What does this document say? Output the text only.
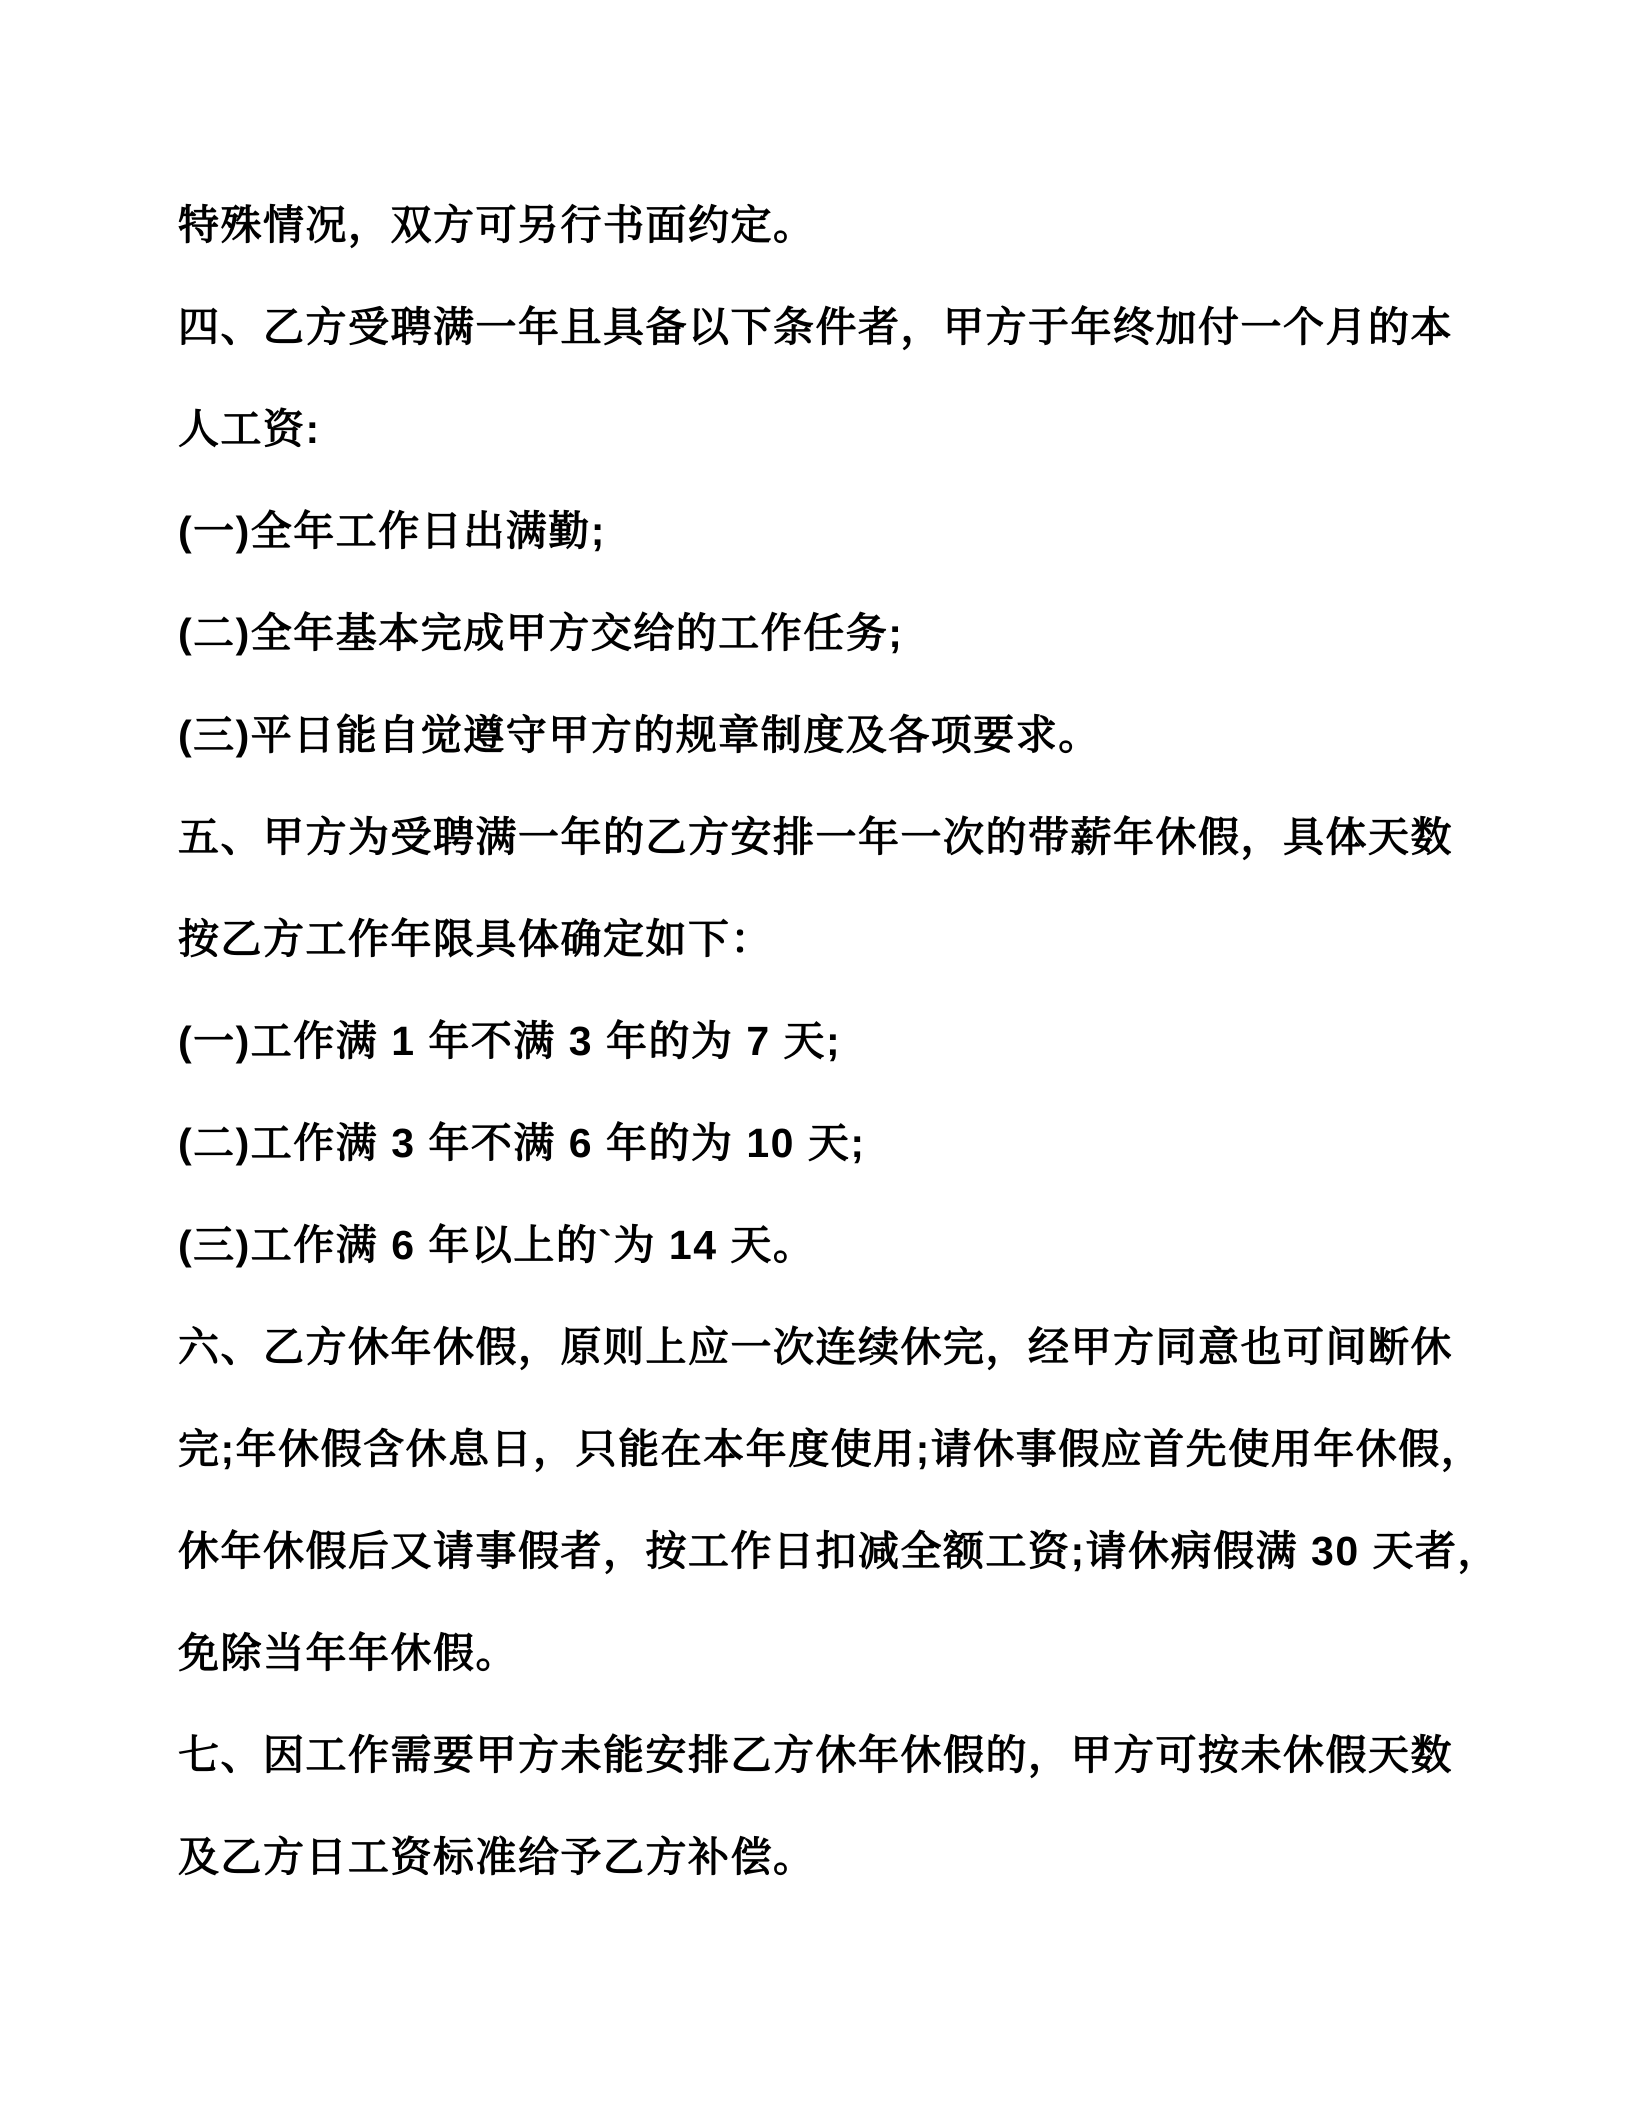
特殊情况，双方可另行书面约定。

四、乙方受聘满一年且具备以下条件者，甲方于年终加付一个月的本

人工资:

(一)全年工作日出满勤;

(二)全年基本完成甲方交给的工作任务;

(三)平日能自觉遵守甲方的规章制度及各项要求。

五、甲方为受聘满一年的乙方安排一年一次的带薪年休假，具体天数

按乙方工作年限具体确定如下：

(一)工作满 1 年不满 3 年的为 7 天;

(二)工作满 3 年不满 6 年的为 10 天;

(三)工作满 6 年以上的`为 14 天。

六、乙方休年休假，原则上应一次连续休完，经甲方同意也可间断休

完;年休假含休息日，只能在本年度使用;请休事假应首先使用年休假，

休年休假后又请事假者，按工作日扣减全额工资;请休病假满 30 天者，

免除当年年休假。

七、因工作需要甲方未能安排乙方休年休假的，甲方可按未休假天数

及乙方日工资标准给予乙方补偿。
